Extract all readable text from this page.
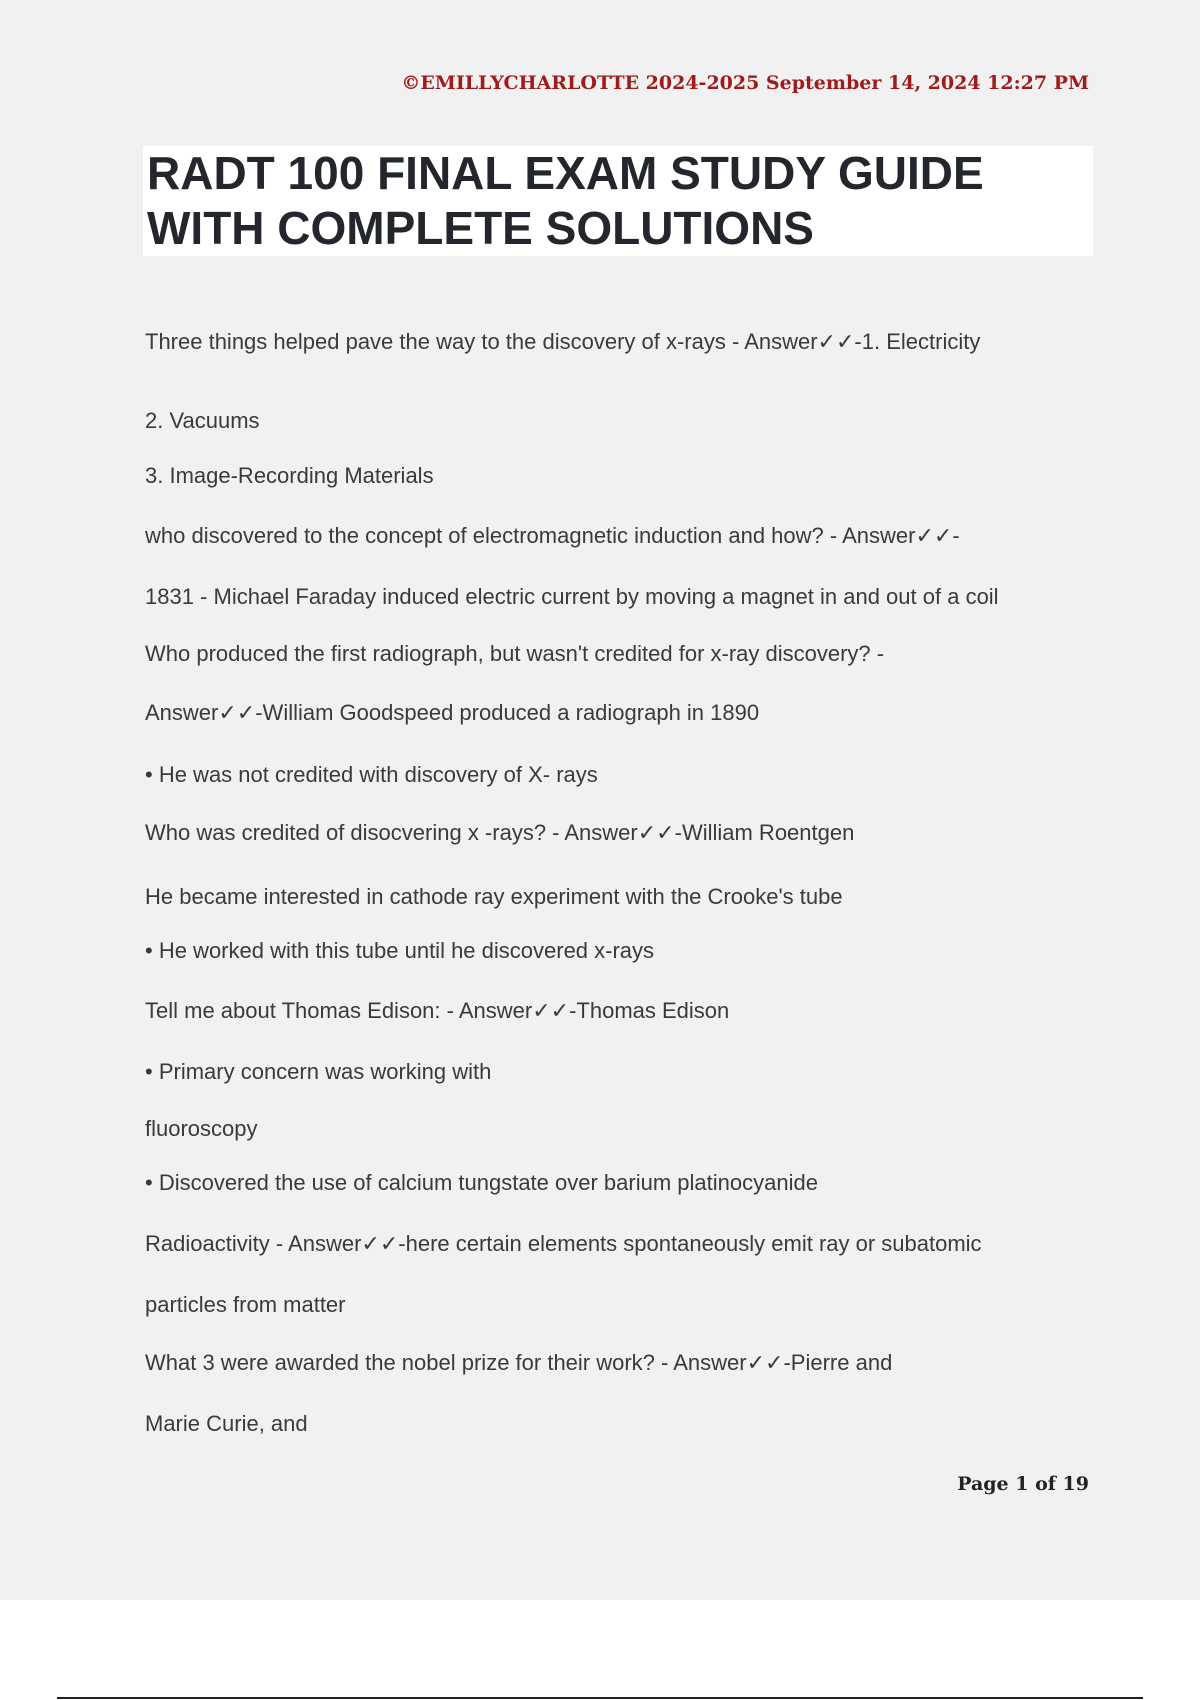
©EMILLYCHARLOTTE 2024-2025 September 14, 2024 12:27 PM
RADT 100 FINAL EXAM STUDY GUIDE
WITH COMPLETE SOLUTIONS
Three things helped pave the way to the discovery of x-rays - Answer✓✓-1. Electricity
2. Vacuums
3. Image-Recording Materials
who discovered to the concept of electromagnetic induction and how? - Answer✓✓-
1831 - Michael Faraday induced electric current by moving a magnet in and out of a coil
Who produced the first radiograph, but wasn't credited for x-ray discovery? -
Answer✓✓-William Goodspeed produced a radiograph in 1890
• He was not credited with discovery of X- rays
Who was credited of disocvering x -rays? - Answer✓✓-William Roentgen
He became interested in cathode ray experiment with the Crooke's tube
• He worked with this tube until he discovered x-rays
Tell me about Thomas Edison: - Answer✓✓-Thomas Edison
• Primary concern was working with
fluoroscopy
• Discovered the use of calcium tungstate over barium platinocyanide
Radioactivity - Answer✓✓-here certain elements spontaneously emit ray or subatomic
particles from matter
What 3 were awarded the nobel prize for their work? - Answer✓✓-Pierre and
Marie Curie, and
Page 1 of 19
